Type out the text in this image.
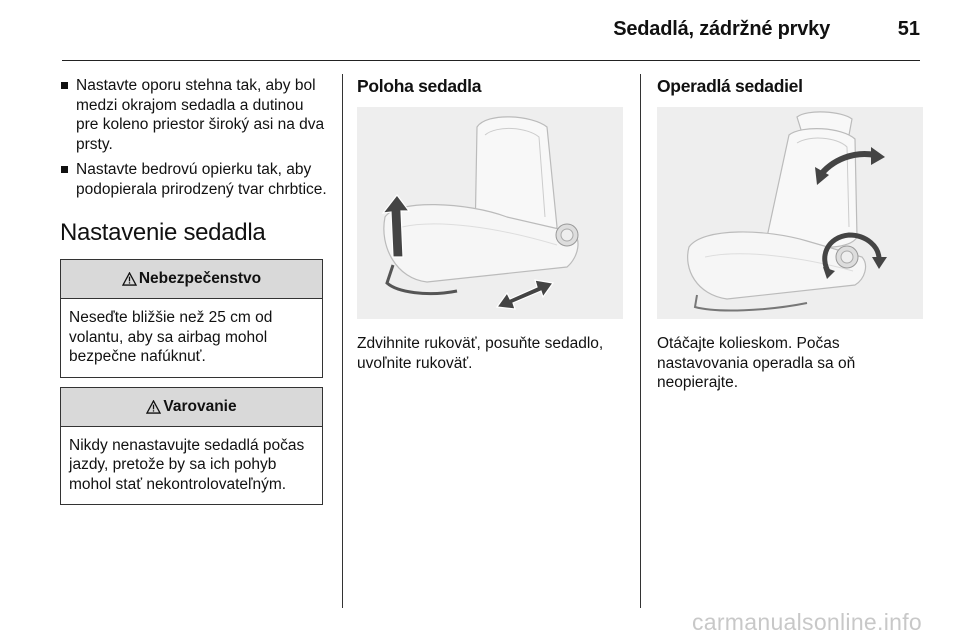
Sedadlá, zádržné prvky	51
Nastavte oporu stehna tak, aby bol medzi okrajom sedadla a dutinou pre koleno priestor široký asi na dva prsty.
Nastavte bedrovú opierku tak, aby podopierala prirodzený tvar chrbtice.
Nastavenie sedadla
Nebezpečenstvo
Neseďte bližšie než 25 cm od volantu, aby sa airbag mohol bezpečne nafúknuť.
Varovanie
Nikdy nenastavujte sedadlá počas jazdy, pretože by sa ich pohyb mohol stať nekontrolovateľným.
Poloha sedadla
Zdvihnite rukoväť, posuňte sedadlo, uvoľnite rukoväť.
Operadlá sedadiel
Otáčajte kolieskom. Počas nastavovania operadla sa oň neopierajte.
carmanualsonline.info
